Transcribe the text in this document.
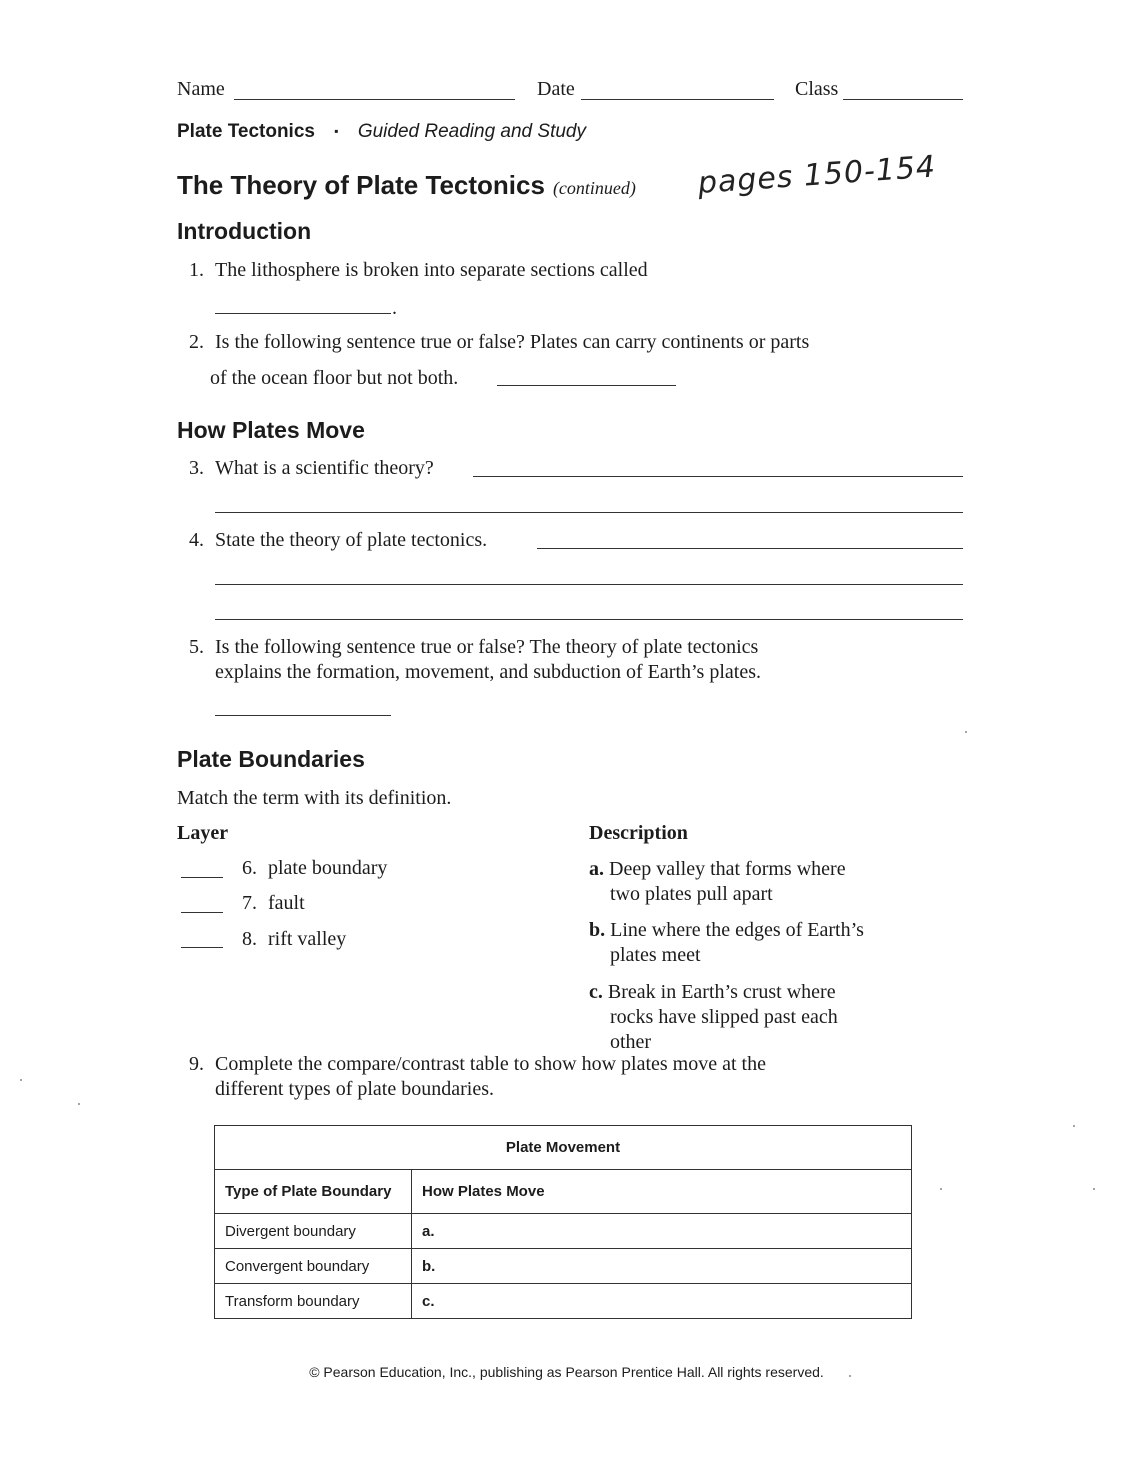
Name	Date	Class
Plate Tectonics ▪ Guided Reading and Study
The Theory of Plate Tectonics (continued) pages 150-154
Introduction
1. The lithosphere is broken into separate sections called
.
2. Is the following sentence true or false? Plates can carry continents or parts
of the ocean floor but not both.
How Plates Move
3. What is a scientific theory?
4. State the theory of plate tectonics.
5. Is the following sentence true or false? The theory of plate tectonics
explains the formation, movement, and subduction of Earth’s plates.
Plate Boundaries
Match the term with its definition.
Layer	Description
6. plate boundary
7. fault
8. rift valley
a. Deep valley that forms where
two plates pull apart
b. Line where the edges of Earth’s
plates meet
c. Break in Earth’s crust where
rocks have slipped past each
other
9. Complete the compare/contrast table to show how plates move at the
different types of plate boundaries.
Plate Movement	
Type of Plate Boundary	How Plates Move
Divergent boundary	a.
Convergent boundary	b.
Transform boundary	c.
© Pearson Education, Inc., publishing as Pearson Prentice Hall. All rights reserved.
